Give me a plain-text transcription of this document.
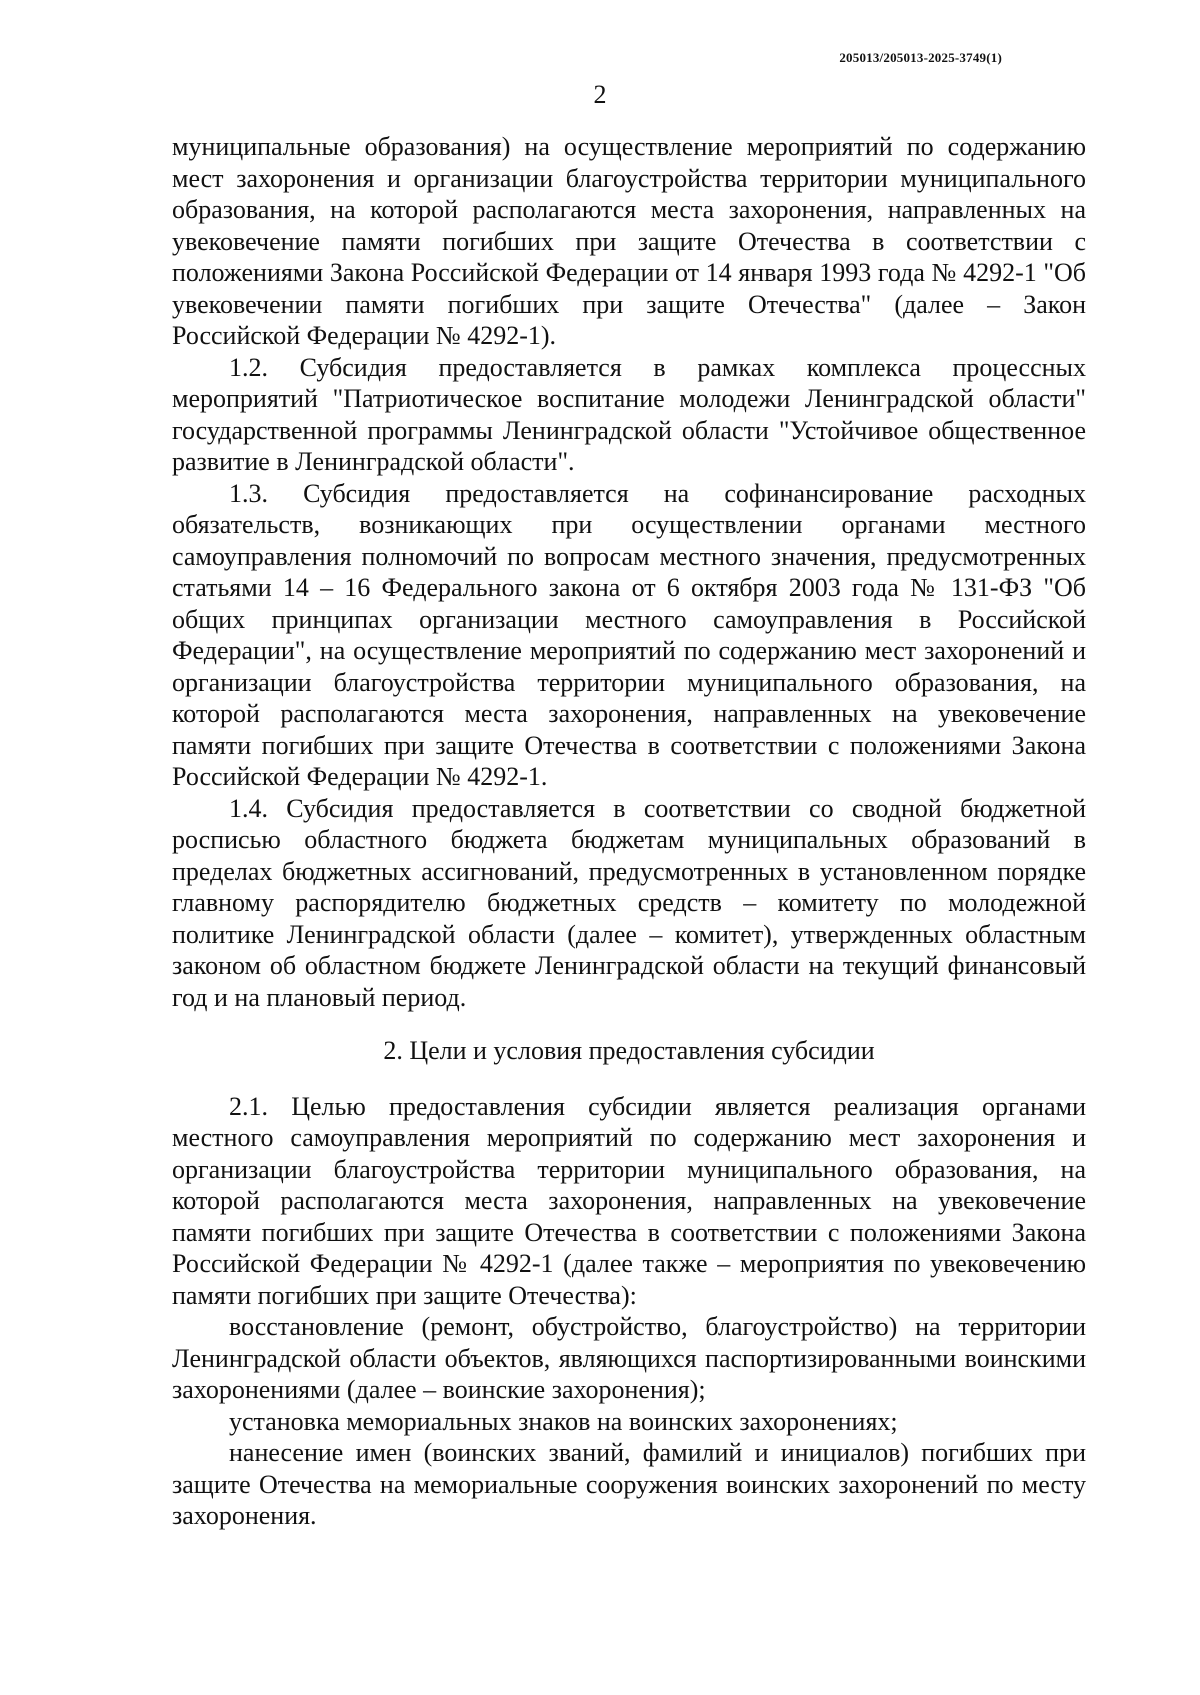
205013/205013-2025-3749(1)
2

муниципальные образования) на осуществление мероприятий по содержанию мест захоронения и организации благоустройства территории муниципального образования, на которой располагаются места захоронения, направленных на увековечение памяти погибших при защите Отечества в соответствии с положениями Закона Российской Федерации от 14 января 1993 года № 4292-1 "Об увековечении памяти погибших при защите Отечества" (далее – Закон Российской Федерации № 4292-1).

1.2. Субсидия предоставляется в рамках комплекса процессных мероприятий "Патриотическое воспитание молодежи Ленинградской области" государственной программы Ленинградской области "Устойчивое общественное развитие в Ленинградской области".

1.3. Субсидия предоставляется на софинансирование расходных обязательств, возникающих при осуществлении органами местного самоуправления полномочий по вопросам местного значения, предусмотренных статьями 14 – 16 Федерального закона от 6 октября 2003 года № 131-ФЗ "Об общих принципах организации местного самоуправления в Российской Федерации", на осуществление мероприятий по содержанию мест захоронений и организации благоустройства территории муниципального образования, на которой располагаются места захоронения, направленных на увековечение памяти погибших при защите Отечества в соответствии с положениями Закона Российской Федерации № 4292-1.

1.4. Субсидия предоставляется в соответствии со сводной бюджетной росписью областного бюджета бюджетам муниципальных образований в пределах бюджетных ассигнований, предусмотренных в установленном порядке главному распорядителю бюджетных средств – комитету по молодежной политике Ленинградской области (далее – комитет), утвержденных областным законом об областном бюджете Ленинградской области на текущий финансовый год и на плановый период.

2. Цели и условия предоставления субсидии

2.1. Целью предоставления субсидии является реализация органами местного самоуправления мероприятий по содержанию мест захоронения и организации благоустройства территории муниципального образования, на которой располагаются места захоронения, направленных на увековечение памяти погибших при защите Отечества в соответствии с положениями Закона Российской Федерации № 4292-1 (далее также – мероприятия по увековечению памяти погибших при защите Отечества):

восстановление (ремонт, обустройство, благоустройство) на территории Ленинградской области объектов, являющихся паспортизированными воинскими захоронениями (далее – воинские захоронения);

установка мемориальных знаков на воинских захоронениях;

нанесение имен (воинских званий, фамилий и инициалов) погибших при защите Отечества на мемориальные сооружения воинских захоронений по месту захоронения.
